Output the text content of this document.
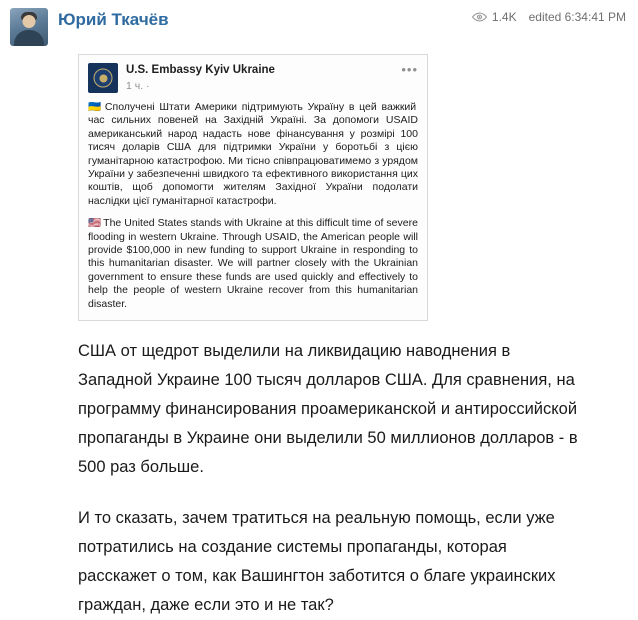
Юрий Ткачёв	1.4K edited 6:34:41 PM
U.S. Embassy Kyiv Ukraine
1 ч. ·
•••

🇺🇦 Сполучені Штати Америки підтримують Україну в цей важкий час сильних повеней на Західній Україні. За допомоги USAID американський народ надасть нове фінансування у розмірі 100 тисяч доларів США для підтримки України у боротьбі з цією гуманітарною катастрофою. Ми тісно співпрацюватимемо з урядом України у забезпеченні швидкого та ефективного використання цих коштів, щоб допомогти жителям Західної України подолати наслідки цієї гуманітарної катастрофи.

🇺🇸 The United States stands with Ukraine at this difficult time of severe flooding in western Ukraine. Through USAID, the American people will provide $100,000 in new funding to support Ukraine in responding to this humanitarian disaster. We will partner closely with the Ukrainian government to ensure these funds are used quickly and effectively to help the people of western Ukraine recover from this humanitarian disaster.

США от щедрот выделили на ликвидацию наводнения в Западной Украине 100 тысяч долларов США. Для сравнения, на программу финансирования проамериканской и антироссийской пропаганды в Украине они выделили 50 миллионов долларов - в 500 раз больше.

И то сказать, зачем тратиться на реальную помощь, если уже потратились на создание системы пропаганды, которая расскажет о том, как Вашингтон заботится о благе украинских граждан, даже если это и не так?
